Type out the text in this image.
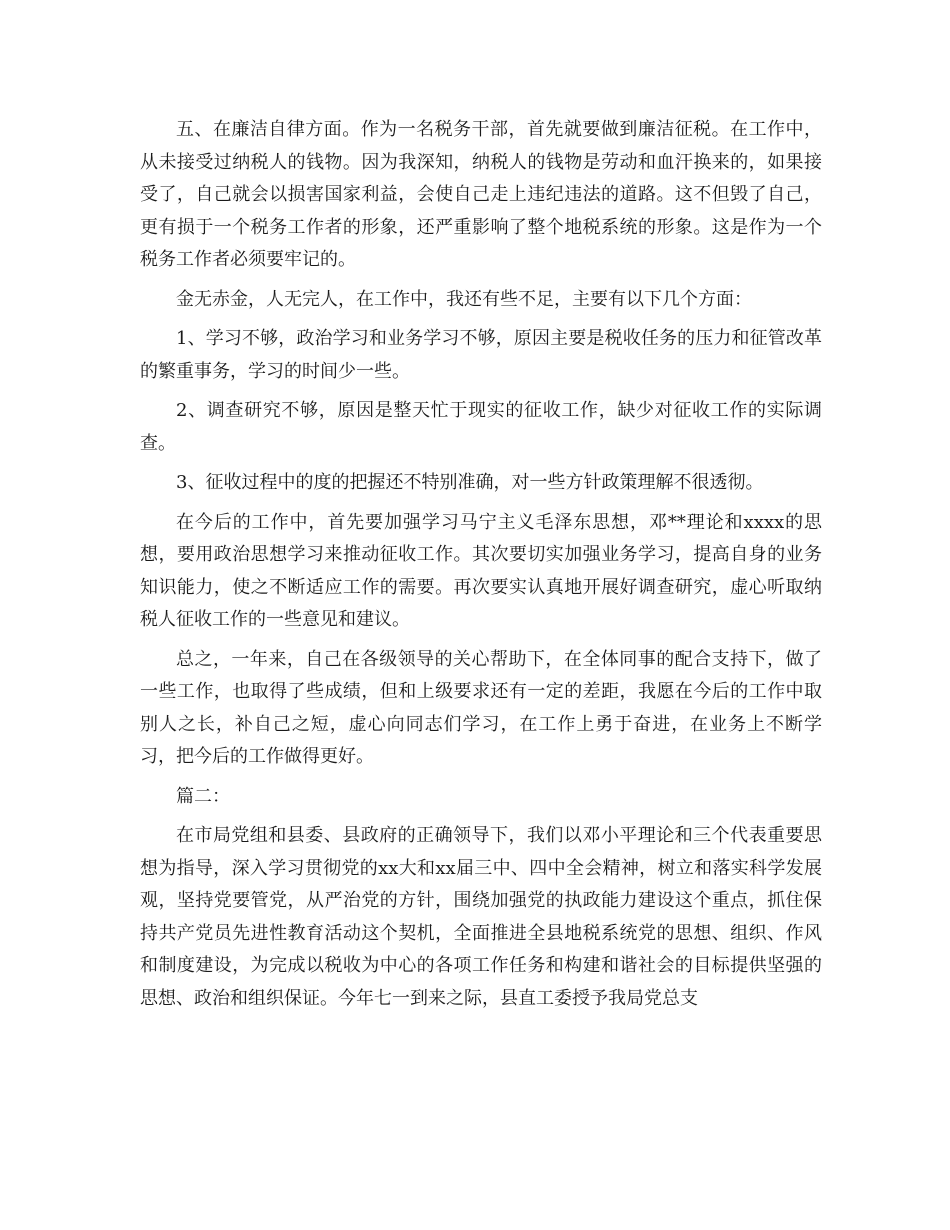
五、在廉洁自律方面。作为一名税务干部，首先就要做到廉洁征税。在工作中，从未接受过纳税人的钱物。因为我深知，纳税人的钱物是劳动和血汗换来的，如果接受了，自己就会以损害国家利益，会使自己走上违纪违法的道路。这不但毁了自己，更有损于一个税务工作者的形象，还严重影响了整个地税系统的形象。这是作为一个税务工作者必须要牢记的。

金无赤金，人无完人，在工作中，我还有些不足，主要有以下几个方面：

1、学习不够，政治学习和业务学习不够，原因主要是税收任务的压力和征管改革的繁重事务，学习的时间少一些。

2、调查研究不够，原因是整天忙于现实的征收工作，缺少对征收工作的实际调查。

3、征收过程中的度的把握还不特别准确，对一些方针政策理解不很透彻。

在今后的工作中，首先要加强学习马宁主义毛泽东思想，邓**理论和xxxx的思想，要用政治思想学习来推动征收工作。其次要切实加强业务学习，提高自身的业务知识能力，使之不断适应工作的需要。再次要实认真地开展好调查研究，虚心听取纳税人征收工作的一些意见和建议。

总之，一年来，自己在各级领导的关心帮助下，在全体同事的配合支持下，做了一些工作，也取得了些成绩，但和上级要求还有一定的差距，我愿在今后的工作中取别人之长，补自己之短，虚心向同志们学习，在工作上勇于奋进，在业务上不断学习，把今后的工作做得更好。

篇二：

在市局党组和县委、县政府的正确领导下，我们以邓小平理论和三个代表重要思想为指导，深入学习贯彻党的xx大和xx届三中、四中全会精神，树立和落实科学发展观，坚持党要管党，从严治党的方针，围绕加强党的执政能力建设这个重点，抓住保持共产党员先进性教育活动这个契机，全面推进全县地税系统党的思想、组织、作风和制度建设，为完成以税收为中心的各项工作任务和构建和谐社会的目标提供坚强的思想、政治和组织保证。今年七一到来之际，县直工委授予我局党总支
